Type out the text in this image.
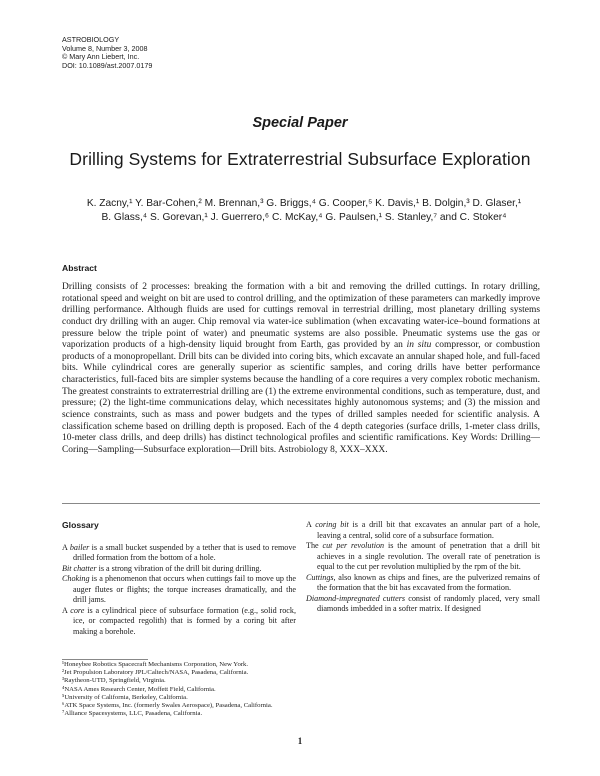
ASTROBIOLOGY
Volume 8, Number 3, 2008
© Mary Ann Liebert, Inc.
DOI: 10.1089/ast.2007.0179
Special Paper
Drilling Systems for Extraterrestrial Subsurface Exploration
K. Zacny,¹ Y. Bar-Cohen,² M. Brennan,³ G. Briggs,⁴ G. Cooper,⁵ K. Davis,¹ B. Dolgin,³ D. Glaser,¹
B. Glass,⁴ S. Gorevan,¹ J. Guerrero,⁶ C. McKay,⁴ G. Paulsen,¹ S. Stanley,⁷ and C. Stoker⁴
Abstract
Drilling consists of 2 processes: breaking the formation with a bit and removing the drilled cuttings. In rotary drilling, rotational speed and weight on bit are used to control drilling, and the optimization of these parameters can markedly improve drilling performance. Although fluids are used for cuttings removal in terrestrial drilling, most planetary drilling systems conduct dry drilling with an auger. Chip removal via water-ice sublimation (when excavating water-ice–bound formations at pressure below the triple point of water) and pneumatic systems are also possible. Pneumatic systems use the gas or vaporization products of a high-density liquid brought from Earth, gas provided by an in situ compressor, or combustion products of a monopropellant. Drill bits can be divided into coring bits, which excavate an annular shaped hole, and full-faced bits. While cylindrical cores are generally superior as scientific samples, and coring drills have better performance characteristics, full-faced bits are simpler systems because the handling of a core requires a very complex robotic mechanism. The greatest constraints to extraterrestrial drilling are (1) the extreme environmental conditions, such as temperature, dust, and pressure; (2) the light-time communications delay, which necessitates highly autonomous systems; and (3) the mission and science constraints, such as mass and power budgets and the types of drilled samples needed for scientific analysis. A classification scheme based on drilling depth is proposed. Each of the 4 depth categories (surface drills, 1-meter class drills, 10-meter class drills, and deep drills) has distinct technological profiles and scientific ramifications. Key Words: Drilling—Coring—Sampling—Subsurface exploration—Drill bits. Astrobiology 8, XXX–XXX.
Glossary
A bailer is a small bucket suspended by a tether that is used to remove drilled formation from the bottom of a hole.
Bit chatter is a strong vibration of the drill bit during drilling.
Choking is a phenomenon that occurs when cuttings fail to move up the auger flutes or flights; the torque increases dramatically, and the drill jams.
A core is a cylindrical piece of subsurface formation (e.g., solid rock, ice, or compacted regolith) that is formed by a coring bit after making a borehole.
A coring bit is a drill bit that excavates an annular part of a hole, leaving a central, solid core of a subsurface formation.
The cut per revolution is the amount of penetration that a drill bit achieves in a single revolution. The overall rate of penetration is equal to the cut per revolution multiplied by the rpm of the bit.
Cuttings, also known as chips and fines, are the pulverized remains of the formation that the bit has excavated from the formation.
Diamond-impregnated cutters consist of randomly placed, very small diamonds imbedded in a softer matrix. If designed
¹Honeybee Robotics Spacecraft Mechanisms Corporation, New York.
²Jet Propulsion Laboratory JPL/Caltech/NASA, Pasadena, California.
³Raytheon-UTD, Springfield, Virginia.
⁴NASA Ames Research Center, Moffett Field, California.
⁵University of California, Berkeley, California.
⁶ATK Space Systems, Inc. (formerly Swales Aerospace), Pasadena, California.
⁷Alliance Spacesystems, LLC, Pasadena, California.
1
